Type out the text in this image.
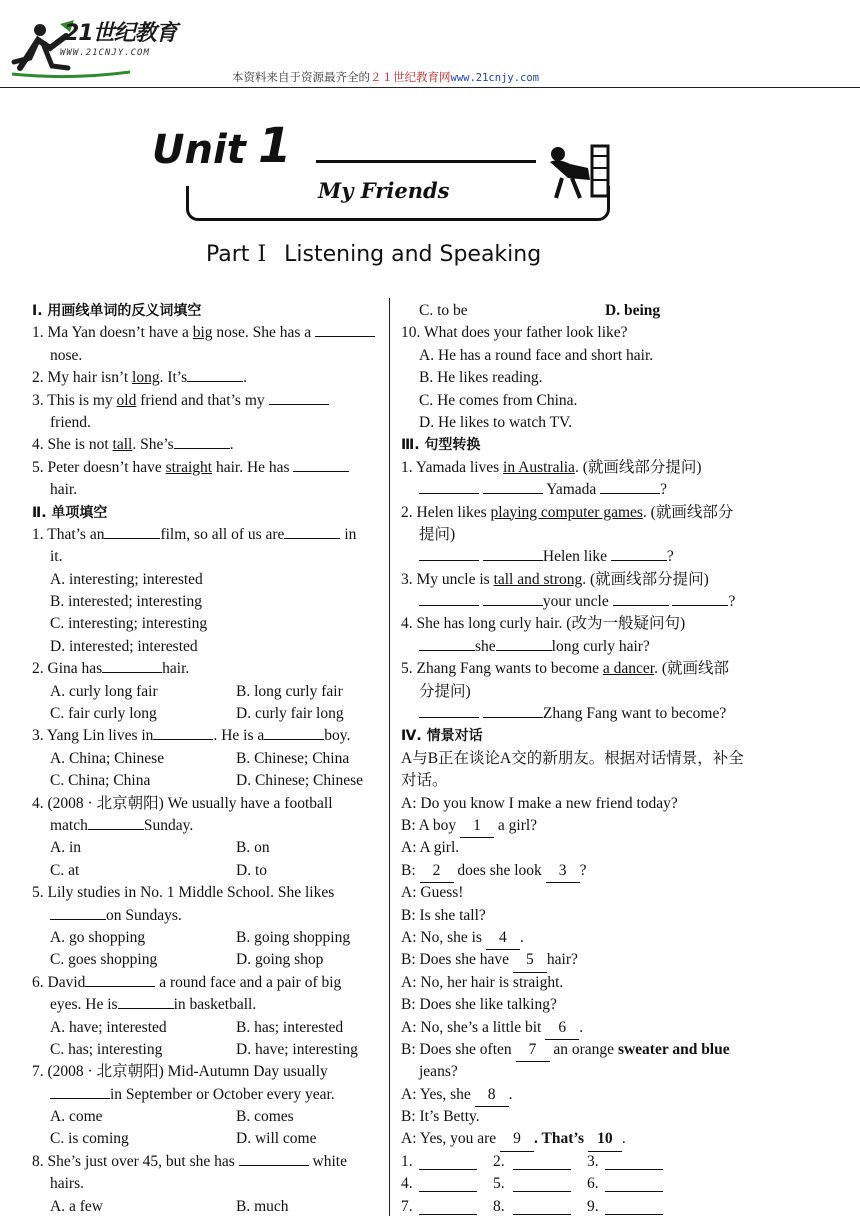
21世纪教育
WWW.21CNJY.COM
本资料来自于资源最齐全的２１世纪教育网www.21cnjy.com
Unit 1
My Friends
Part Ⅰ Listening and Speaking
Ⅰ. 用画线单词的反义词填空
1. Ma Yan doesn’t have a big nose. She has a
nose.
2. My hair isn’t long. It’s	.
3. This is my old friend and that’s my
friend.
4. She is not tall. She’s	.
5. Peter doesn’t have straight hair. He has
hair.
Ⅱ. 单项填空
1. That’s an	film, so all of us are	in
it.
A. interesting; interested
B. interested; interesting
C. interesting; interesting
D. interested; interested
2. Gina has	hair.
A. curly long fair	B. long curly fair
C. fair curly long	D. curly fair long
3. Yang Lin lives in	. He is a	boy.
A. China; Chinese	B. Chinese; China
C. China; China	D. Chinese; Chinese
4. (2008 · 北京朝阳) We usually have a football
match	Sunday.
A. in	B. on
C. at	D. to
5. Lily studies in No. 1 Middle School. She likes
on Sundays.
A. go shopping	B. going shopping
C. goes shopping	D. going shop
6. David	a round face and a pair of big
eyes. He is	in basketball.
A. have; interested	B. has; interested
C. has; interesting	D. have; interesting
7. (2008 · 北京朝阳) Mid-Autumn Day usually
in September or October every year.
A. come	B. comes
C. is coming	D. will come
8. She’s just over 45, but she has	white
hairs.
A. a few	B. much
C. to be	D. being
10. What does your father look like?
A. He has a round face and short hair.
B. He likes reading.
C. He comes from China.
D. He likes to watch TV.
Ⅲ. 句型转换
1. Yamada lives in Australia. (就画线部分提问)
Yamada	?
2. Helen likes playing computer games. (就画线部分
提问)
Helen like	?
3. My uncle is tall and strong. (就画线部分提问)
your uncle	?
4. She has long curly hair. (改为一般疑问句)
she	long curly hair?
5. Zhang Fang wants to become a dancer. (就画线部
分提问)
Zhang Fang want to become?
Ⅳ. 情景对话
A与B正在谈论A交的新朋友。根据对话情景，补全
对话。
A: Do you know I make a new friend today?
B: A boy 1 a girl?
A: A girl.
B: 2 does she look 3 ?
A: Guess!
B: Is she tall?
A: No, she is 4 .
B: Does she have 5 hair?
A: No, her hair is straight.
B: Does she like talking?
A: No, she’s a little bit 6 .
B: Does she often 7 an orange sweater and blue
jeans?
A: Yes, she 8 .
B: It’s Betty.
A: Yes, you are 9 . That’s 10 .
1.	2.	3.
4.	5.	6.
7.	8.	9.
